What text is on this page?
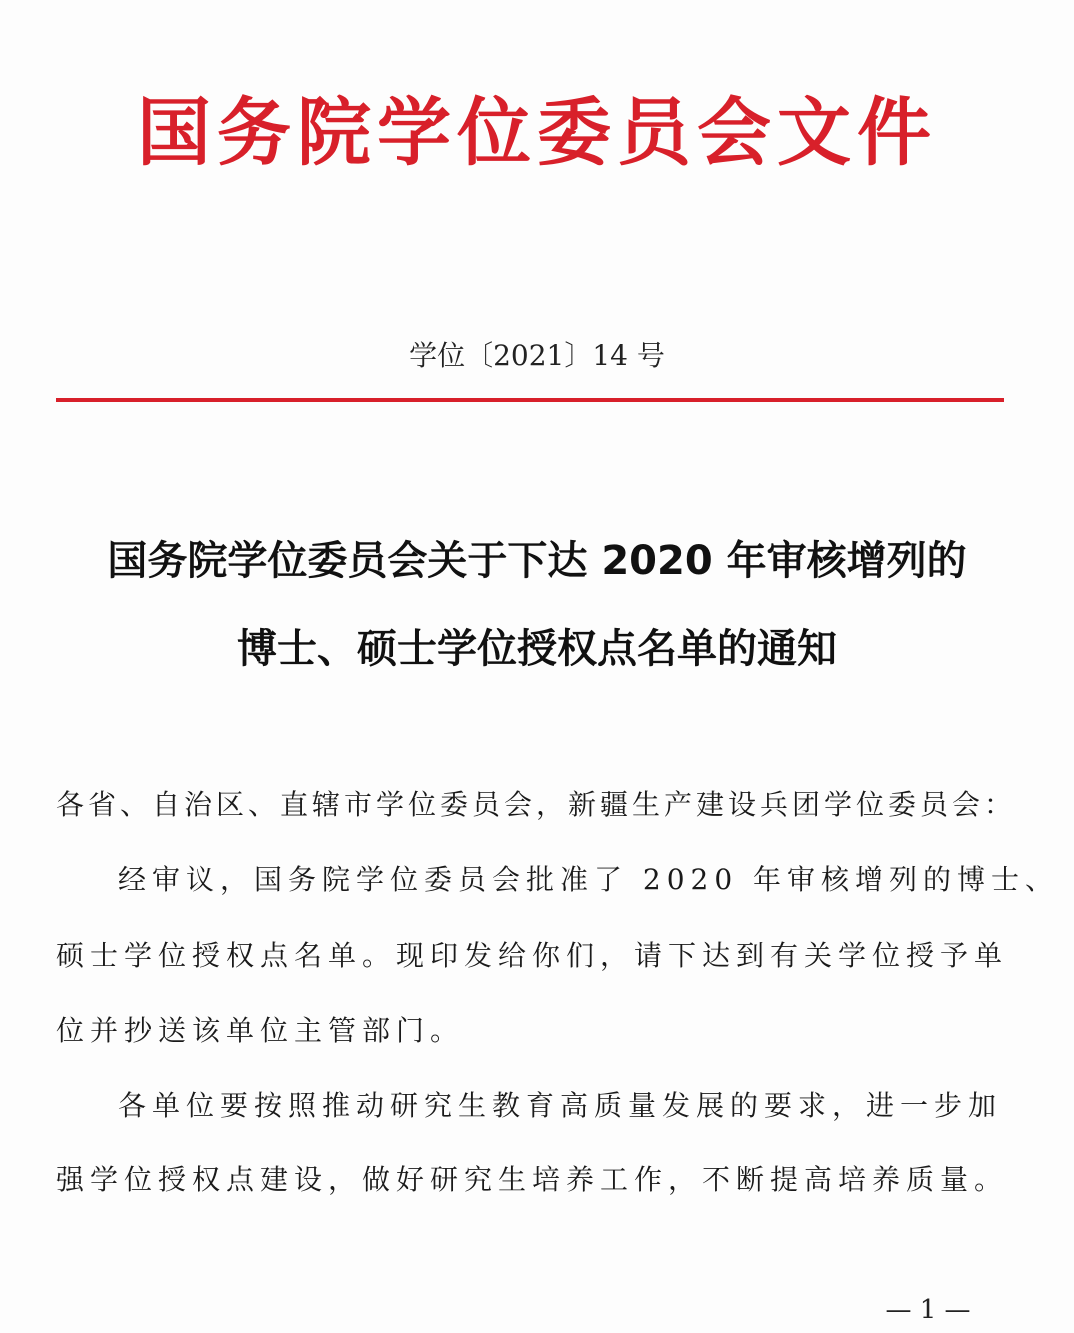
国务院学位委员会文件
学位〔2021〕14 号
国务院学位委员会关于下达 2020 年审核增列的
博士、硕士学位授权点名单的通知
各省、自治区、直辖市学位委员会，新疆生产建设兵团学位委员会：
经审议，国务院学位委员会批准了 2020 年审核增列的博士、
硕士学位授权点名单。现印发给你们，请下达到有关学位授予单
位并抄送该单位主管部门。
各单位要按照推动研究生教育高质量发展的要求，进一步加
强学位授权点建设，做好研究生培养工作，不断提高培养质量。
— 1 —
